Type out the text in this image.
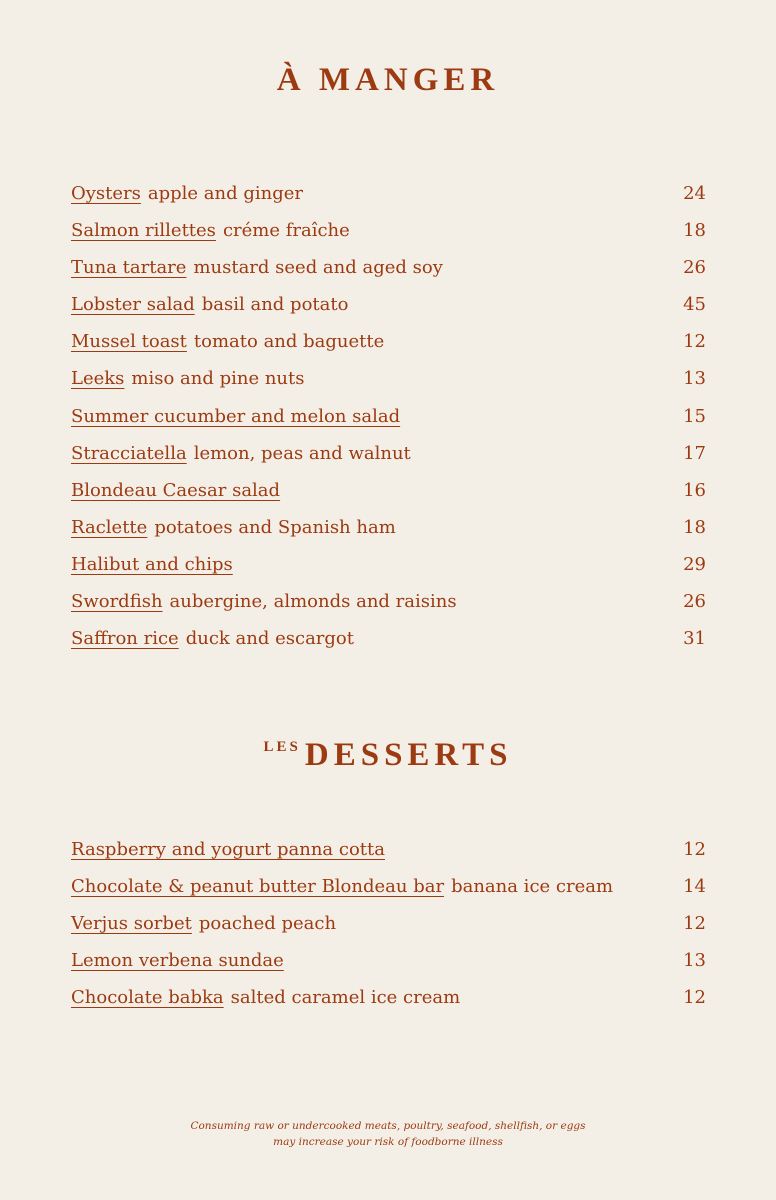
À MANGER
Oysters apple and ginger	24
Salmon rillettes créme fraîche	18
Tuna tartare mustard seed and aged soy	26
Lobster salad basil and potato	45
Mussel toast tomato and baguette	12
Leeks miso and pine nuts	13
Summer cucumber and melon salad	15
Stracciatella lemon, peas and walnut	17
Blondeau Caesar salad	16
Raclette potatoes and Spanish ham	18
Halibut and chips	29
Swordfish aubergine, almonds and raisins	26
Saffron rice duck and escargot	31
$^{LES}$ DESSERTS
Raspberry and yogurt panna cotta	12
Chocolate & peanut butter Blondeau bar banana ice cream	14
Verjus sorbet poached peach	12
Lemon verbena sundae	13
Chocolate babka salted caramel ice cream	12
Consuming raw or undercooked meats, poultry, seafood, shellfish, or eggs
may increase your risk of foodborne illness
